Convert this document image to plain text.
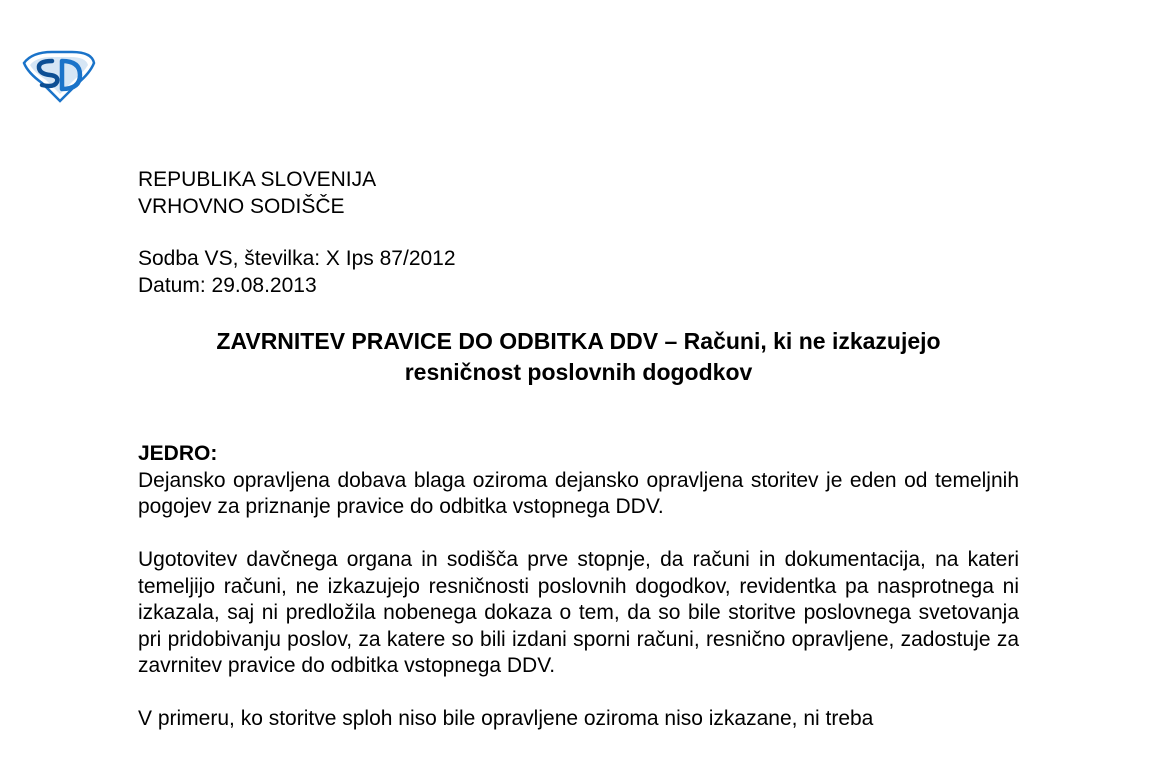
REPUBLIKA SLOVENIJA
VRHOVNO SODIŠČE
Sodba VS, številka: X Ips 87/2012
Datum: 29.08.2013
ZAVRNITEV PRAVICE DO ODBITKA DDV – Računi, ki ne izkazujejo
resničnost poslovnih dogodkov

JEDRO:

Dejansko opravljena dobava blaga oziroma dejansko opravljena storitev je eden od temeljnih pogojev za priznanje pravice do odbitka vstopnega DDV.

Ugotovitev davčnega organa in sodišča prve stopnje, da računi in dokumentacija, na kateri temeljijo računi, ne izkazujejo resničnosti poslovnih dogodkov, revidentka pa nasprotnega ni izkazala, saj ni predložila nobenega dokaza o tem, da so bile storitve poslovnega svetovanja pri pridobivanju poslov, za katere so bili izdani sporni računi, resnično opravljene, zadostuje za zavrnitev pravice do odbitka vstopnega DDV.

V primeru, ko storitve sploh niso bile opravljene oziroma niso izkazane, ni treba
